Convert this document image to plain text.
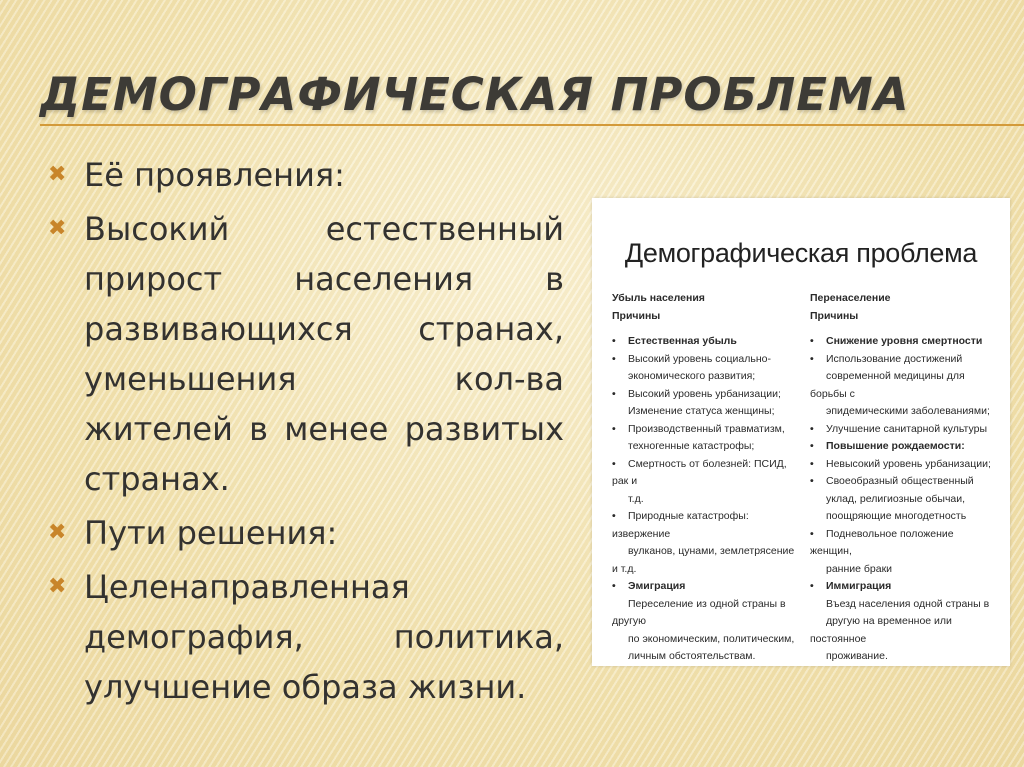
ДЕМОГРАФИЧЕСКАЯ ПРОБЛЕМА
✖ Её проявления:
✖ Высокий естественный прирост населения в развивающихся странах, уменьшения кол-ва жителей в менее развитых странах.
✖ Пути решения:
✖ Целенаправленная демография, политика, улучшение образа жизни.
Демографическая проблема
Убыль населения
Причины
• Естественная убыль
• Высокий уровень социально-
экономического развития;
• Высокий уровень урбанизации;
Изменение статуса женщины;
• Производственный травматизм,
техногенные катастрофы;
• Смертность от болезней: ПСИД, рак и
т.д.
• Природные катастрофы: извержение
вулканов, цунами, землетрясение и т.д.
• Эмиграция
Переселение из одной страны в другую
по экономическим, политическим,
личным обстоятельствам.
Перенаселение
Причины
• Снижение уровня смертности
• Использование достижений
современной медицины для борьбы с
эпидемическими заболеваниями;
• Улучшение санитарной культуры
• Повышение рождаемости:
• Невысокий уровень урбанизации;
• Своеобразный общественный
уклад, религиозные обычаи,
поощряющие многодетность
• Подневольное положение женщин,
ранние браки
• Иммиграция
Въезд населения одной страны в
другую на временное или постоянное
проживание.
